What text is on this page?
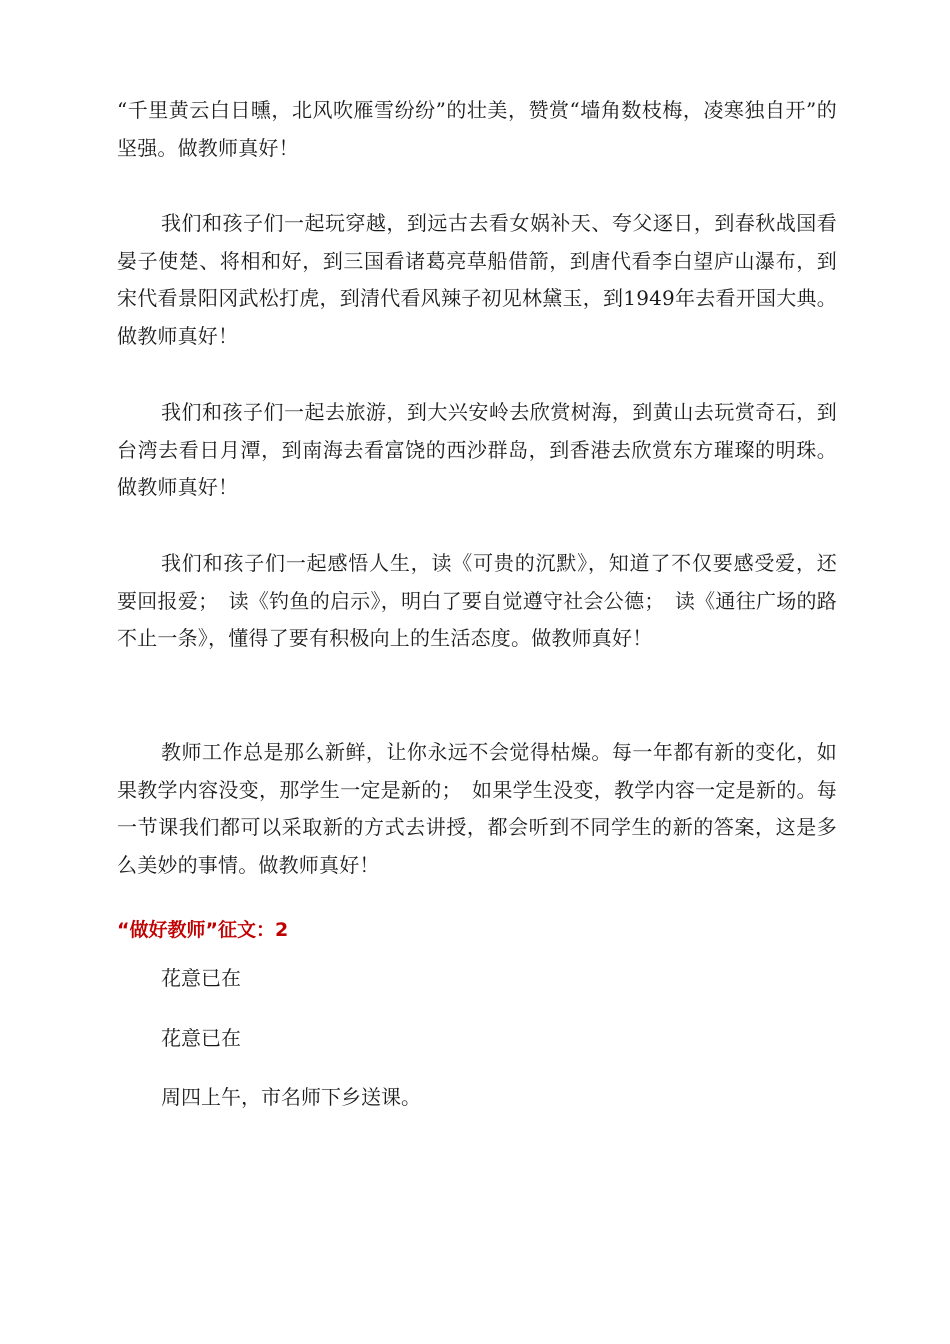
“千里黄云白日曛，北风吹雁雪纷纷”的壮美，赞赏“墙角数枝梅，凌寒独自开”的坚强。做教师真好！

我们和孩子们一起玩穿越，到远古去看女娲补天、夸父逐日，到春秋战国看晏子使楚、将相和好，到三国看诸葛亮草船借箭，到唐代看李白望庐山瀑布，到宋代看景阳冈武松打虎，到清代看风辣子初见林黛玉，到1949年去看开国大典。做教师真好！

我们和孩子们一起去旅游，到大兴安岭去欣赏树海，到黄山去玩赏奇石，到台湾去看日月潭，到南海去看富饶的西沙群岛，到香港去欣赏东方璀璨的明珠。做教师真好！

我们和孩子们一起感悟人生，读《可贵的沉默》，知道了不仅要感受爱，还要回报爱；　读《钓鱼的启示》，明白了要自觉遵守社会公德；　读《通往广场的路不止一条》，懂得了要有积极向上的生活态度。做教师真好！

教师工作总是那么新鲜，让你永远不会觉得枯燥。每一年都有新的变化，如果教学内容没变，那学生一定是新的；　如果学生没变，教学内容一定是新的。每一节课我们都可以采取新的方式去讲授，都会听到不同学生的新的答案，这是多么美妙的事情。做教师真好！

“做好教师”征文：2

花意已在

花意已在

周四上午，市名师下乡送课。
